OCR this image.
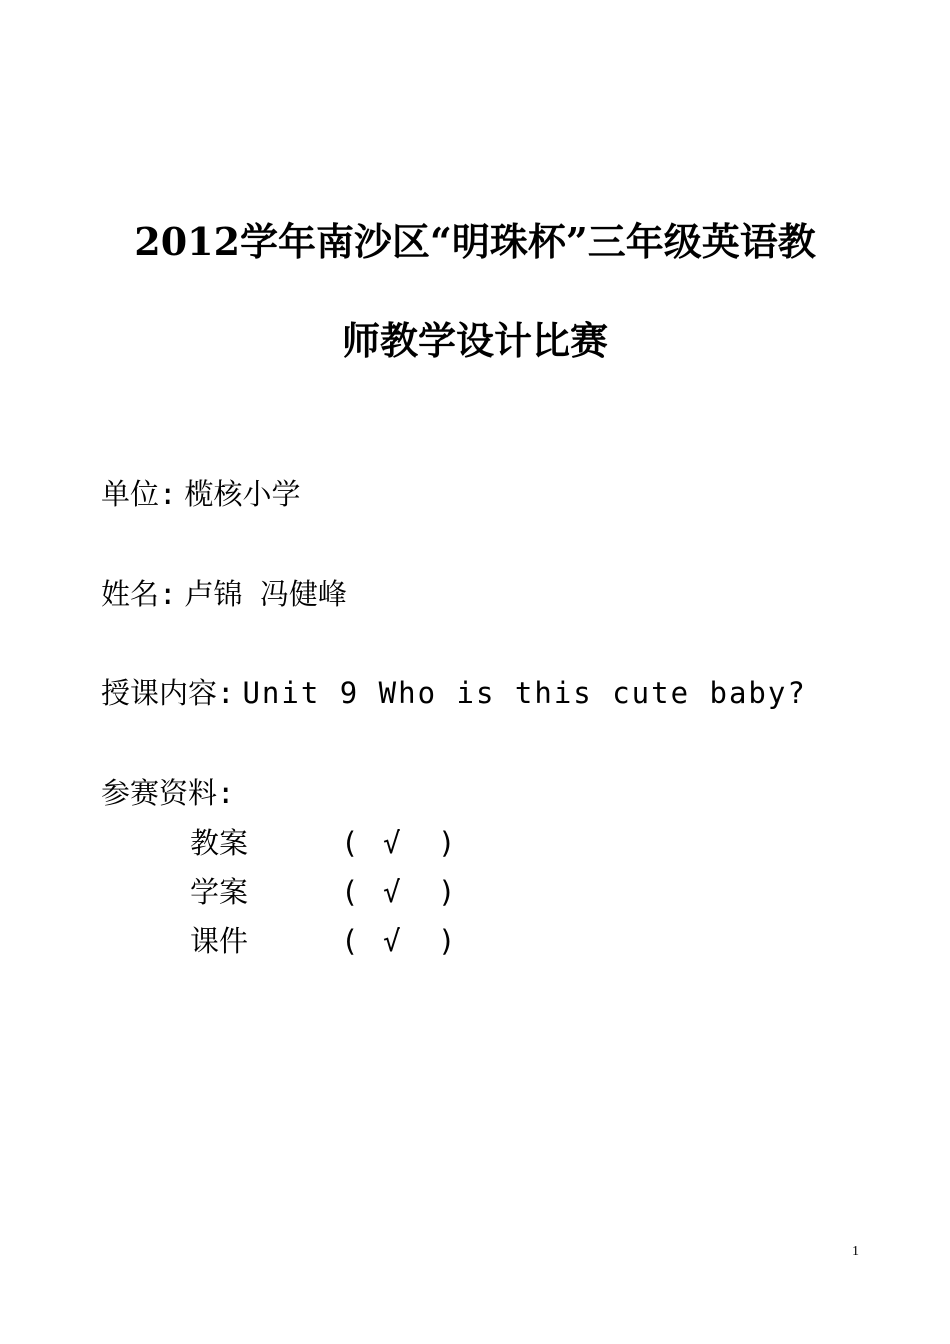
2012学年南沙区“明珠杯”三年级英语教
师教学设计比赛
单位: 榄核小学
姓名: 卢锦 冯健峰
授课内容: Unit 9 Who is this cute baby?
参赛资料:
教案	( √ )
学案	( √ )
课件	( √ )
1
